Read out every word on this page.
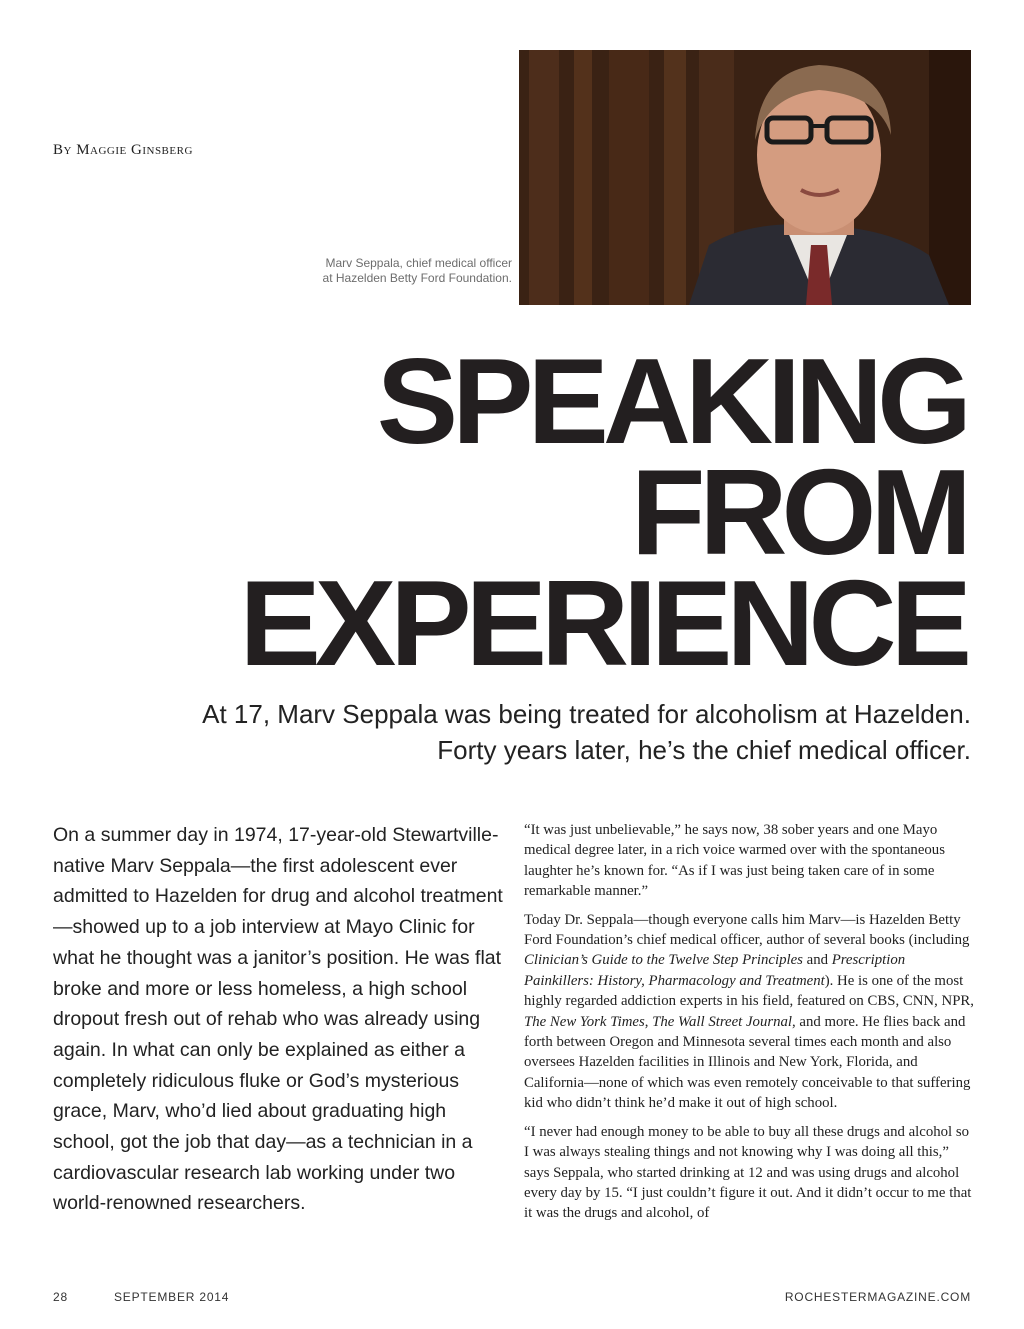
By Maggie Ginsberg

Marv Seppala, chief medical officer
at Hazelden Betty Ford Foundation.
SPEAKING
FROM
EXPERIENCE

At 17, Marv Seppala was being treated for alcoholism at Hazelden.
Forty years later, he’s the chief medical officer.

On a summer day in 1974, 17-year-old Stewartville-native Marv Seppala—the first adolescent ever admitted to Hazelden for drug and alcohol treatment—showed up to a job interview at Mayo Clinic for what he thought was a janitor’s position. He was flat broke and more or less homeless, a high school dropout fresh out of rehab who was already using again. In what can only be explained as either a completely ridiculous fluke or God’s mysterious grace, Marv, who’d lied about graduating high school, got the job that day—as a technician in a cardiovascular research lab working under two world-renowned researchers.

“It was just unbelievable,” he says now, 38 sober years and one Mayo medical degree later, in a rich voice warmed over with the spontaneous laughter he’s known for. “As if I was just being taken care of in some remarkable manner.”

Today Dr. Seppala—though everyone calls him Marv—is Hazelden Betty Ford Foundation’s chief medical officer, author of several books (including Clinician’s Guide to the Twelve Step Principles and Prescription Painkillers: History, Pharmacology and Treatment). He is one of the most highly regarded addiction experts in his field, featured on CBS, CNN, NPR, The New York Times, The Wall Street Journal, and more. He flies back and forth between Oregon and Minnesota several times each month and also oversees Hazelden facilities in Illinois and New York, Florida, and California—none of which was even remotely conceivable to that suffering kid who didn’t think he’d make it out of high school.

“I never had enough money to be able to buy all these drugs and alcohol so I was always stealing things and not knowing why I was doing all this,” says Seppala, who started drinking at 12 and was using drugs and alcohol every day by 15. “I just couldn’t figure it out. And it didn’t occur to me that it was the drugs and alcohol, of

28	SEPTEMBER 2014	ROCHESTERMAGAZINE.COM
